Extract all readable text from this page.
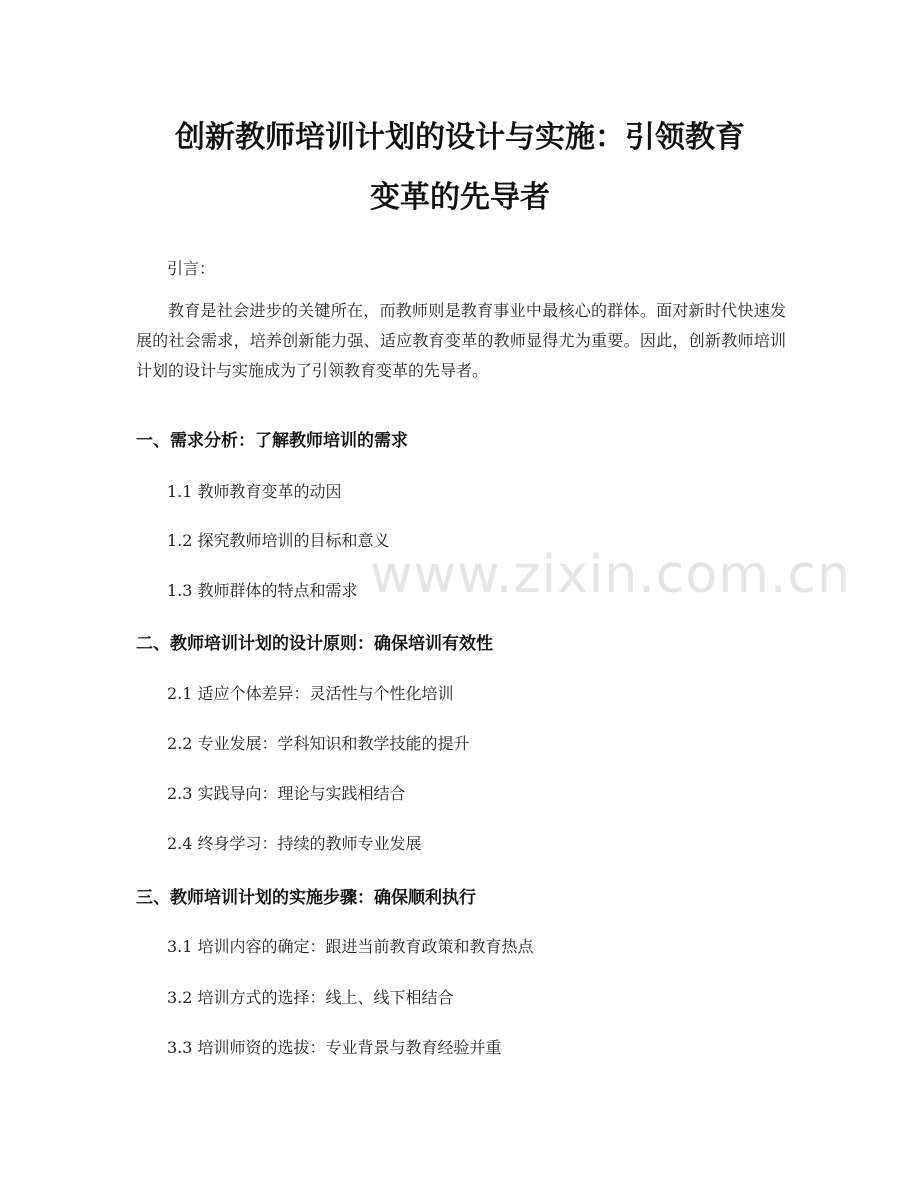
创新教师培训计划的设计与实施：引领教育
变革的先导者

引言：

教育是社会进步的关键所在，而教师则是教育事业中最核心的群体。面对新时代快速发展的社会需求，培养创新能力强、适应教育变革的教师显得尤为重要。因此，创新教师培训计划的设计与实施成为了引领教育变革的先导者。

一、需求分析：了解教师培训的需求

1.1 教师教育变革的动因

1.2 探究教师培训的目标和意义

1.3 教师群体的特点和需求

二、教师培训计划的设计原则：确保培训有效性

2.1 适应个体差异：灵活性与个性化培训

2.2 专业发展：学科知识和教学技能的提升

2.3 实践导向：理论与实践相结合

2.4 终身学习：持续的教师专业发展

三、教师培训计划的实施步骤：确保顺利执行

3.1 培训内容的确定：跟进当前教育政策和教育热点

3.2 培训方式的选择：线上、线下相结合

3.3 培训师资的选拔：专业背景与教育经验并重

www.zixin.com.cn
